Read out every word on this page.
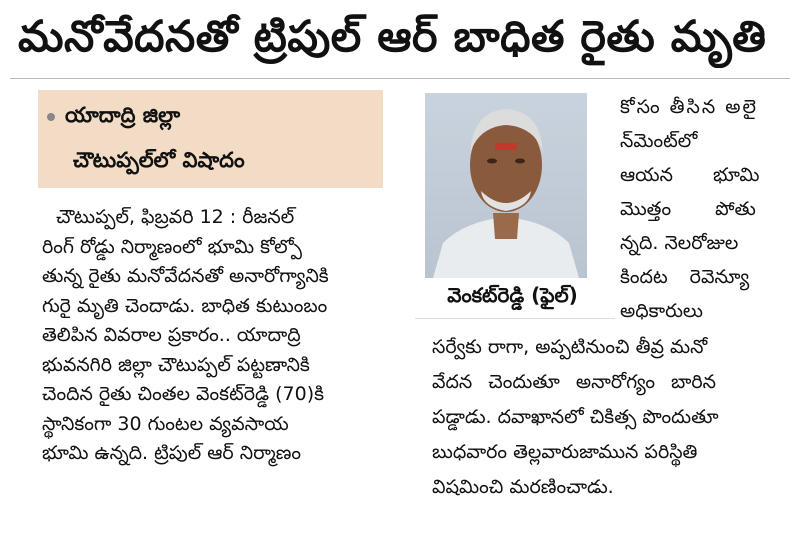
మనోవేదనతో ట్రిపుల్ ఆర్ బాధిత రైతు మృతి
యాదాద్రి జిల్లా
చౌటుప్పల్‌లో విషాదం
చౌటుప్పల్, ఫిబ్రవరి 12 : రీజనల్
రింగ్ రోడ్డు నిర్మాణంలో భూమి కోల్పో
తున్న రైతు మనోవేదనతో అనారోగ్యానికి
గురై మృతి చెందాడు. బాధిత కుటుంబం
తెలిపిన వివరాల ప్రకారం.. యాదాద్రి
భువనగిరి జిల్లా చౌటుప్పల్ పట్టణానికి
చెందిన రైతు చింతల వెంకట్‌రెడ్డి (70)కి
స్థానికంగా 30 గుంటల వ్యవసాయ
భూమి ఉన్నది. ట్రిపుల్ ఆర్ నిర్మాణం
వెంకట్‌రెడ్డి (ఫైల్)
కోసం తీసిన అలై
న్‌మెంట్‌లో
ఆయన భూమి
మొత్తం పోతు
న్నది. నెలరోజుల
కిందట రెవెన్యూ
అధికారులు
సర్వేకు రాగా, అప్పటినుంచి తీవ్ర మనో
వేదన చెందుతూ అనారోగ్యం బారిన
పడ్డాడు. దవాఖానలో చికిత్స పొందుతూ
బుధవారం తెల్లవారుజామున పరిస్థితి
విషమించి మరణించాడు.
